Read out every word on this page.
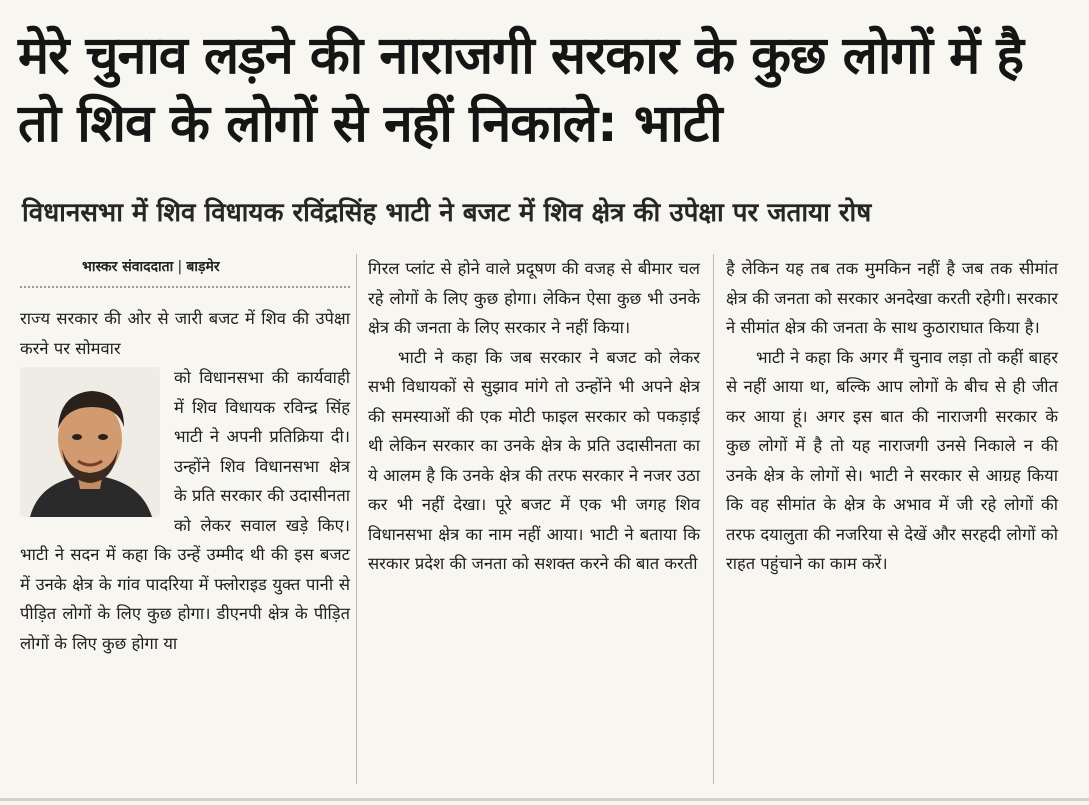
मेरे चुनाव लड़ने की नाराजगी सरकार के कुछ लोगों में है तो शिव के लोगों से नहीं निकाले: भाटी
विधानसभा में शिव विधायक रविंद्रसिंह भाटी ने बजट में शिव क्षेत्र की उपेक्षा पर जताया रोष
भास्कर संवाददाता | बाड़मेर

राज्य सरकार की ओर से जारी बजट में शिव की उपेक्षा करने पर सोमवार

को विधानसभा की कार्यवाही में शिव विधायक रविन्द्र सिंह भाटी ने अपनी प्रतिक्रिया दी। उन्होंने शिव विधानसभा क्षेत्र के प्रति सरकार की उदासीनता को लेकर सवाल खड़े किए। भाटी ने सदन में कहा कि उन्हें उम्मीद थी की इस बजट में उनके क्षेत्र के गांव पादरिया में फ्लोराइड युक्त पानी से पीड़ित लोगों के लिए कुछ होगा। डीएनपी क्षेत्र के पीड़ित लोगों के लिए कुछ होगा या

गिरल प्लांट से होने वाले प्रदूषण की वजह से बीमार चल रहे लोगों के लिए कुछ होगा। लेकिन ऐसा कुछ भी उनके क्षेत्र की जनता के लिए सरकार ने नहीं किया।

भाटी ने कहा कि जब सरकार ने बजट को लेकर सभी विधायकों से सुझाव मांगे तो उन्होंने भी अपने क्षेत्र की समस्याओं की एक मोटी फाइल सरकार को पकड़ाई थी लेकिन सरकार का उनके क्षेत्र के प्रति उदासीनता का ये आलम है कि उनके क्षेत्र की तरफ सरकार ने नजर उठा कर भी नहीं देखा। पूरे बजट में एक भी जगह शिव विधानसभा क्षेत्र का नाम नहीं आया। भाटी ने बताया कि सरकार प्रदेश की जनता को सशक्त करने की बात करती

है लेकिन यह तब तक मुमकिन नहीं है जब तक सीमांत क्षेत्र की जनता को सरकार अनदेखा करती रहेगी। सरकार ने सीमांत क्षेत्र की जनता के साथ कुठाराघात किया है।

भाटी ने कहा कि अगर मैं चुनाव लड़ा तो कहीं बाहर से नहीं आया था, बल्कि आप लोगों के बीच से ही जीत कर आया हूं। अगर इस बात की नाराजगी सरकार के कुछ लोगों में है तो यह नाराजगी उनसे निकाले न की उनके क्षेत्र के लोगों से। भाटी ने सरकार से आग्रह किया कि वह सीमांत के क्षेत्र के अभाव में जी रहे लोगों की तरफ दयालुता की नजरिया से देखें और सरहदी लोगों को राहत पहुंचाने का काम करें।
